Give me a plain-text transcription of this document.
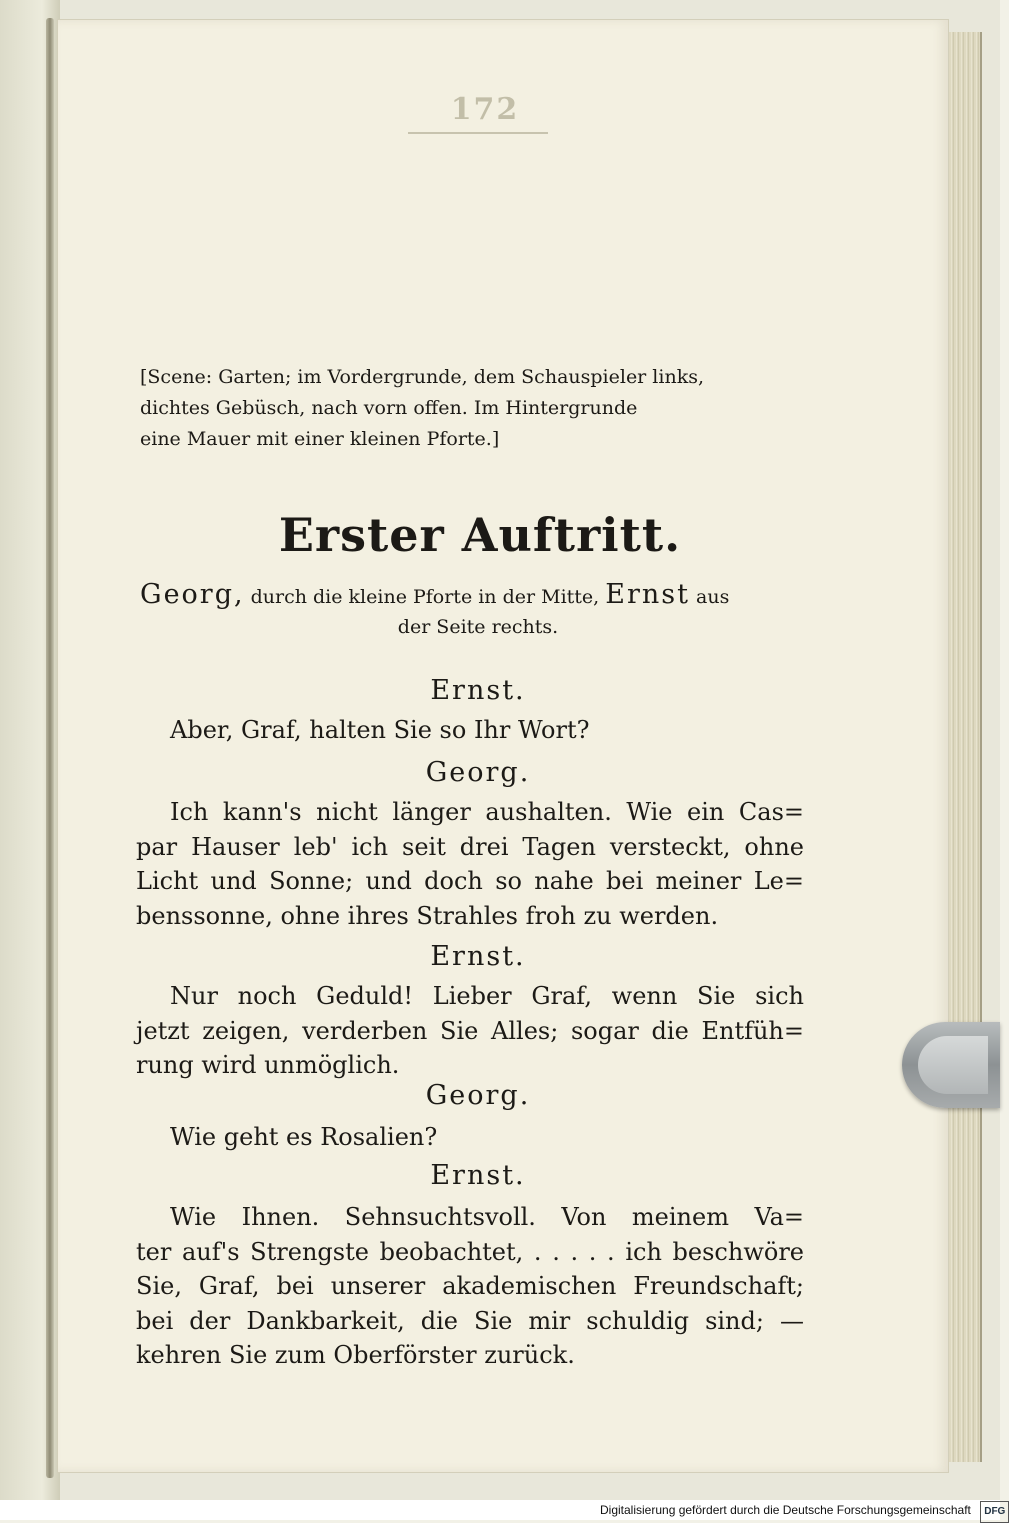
172
[Scene: Garten; im Vordergrunde, dem Schauspieler links,
dichtes Gebüsch, nach vorn offen. Im Hintergrunde
eine Mauer mit einer kleinen Pforte.]
Erster Auftritt.
Georg, durch die kleine Pforte in der Mitte, Ernst aus
der Seite rechts.
Ernst.
Aber, Graf, halten Sie so Ihr Wort?
Georg.
Ich kann's nicht länger aushalten. Wie ein Cas=
par Hauser leb' ich seit drei Tagen versteckt, ohne
Licht und Sonne; und doch so nahe bei meiner Le=
benssonne, ohne ihres Strahles froh zu werden.
Ernst.
Nur noch Geduld! Lieber Graf, wenn Sie sich
jetzt zeigen, verderben Sie Alles; sogar die Entfüh=
rung wird unmöglich.
Georg.
Wie geht es Rosalien?
Ernst.
Wie Ihnen. Sehnsuchtsvoll. Von meinem Va=
ter auf's Strengste beobachtet, . . . . . ich beschwöre
Sie, Graf, bei unserer akademischen Freundschaft;
bei der Dankbarkeit, die Sie mir schuldig sind; —
kehren Sie zum Oberförster zurück.
Digitalisierung gefördert durch die Deutsche Forschungsgemeinschaft DFG
